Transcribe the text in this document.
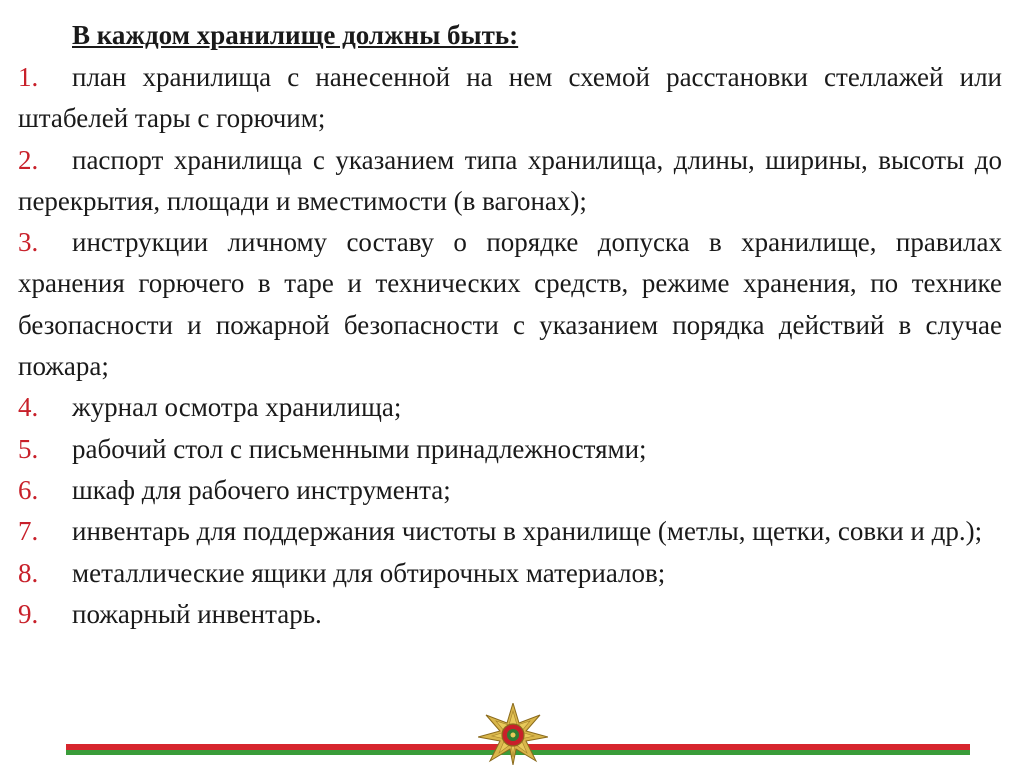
В каждом хранилище должны быть:

1. план хранилища с нанесенной на нем схемой расстановки стеллажей или штабелей тары с горючим;

2. паспорт хранилища с указанием типа хранилища, длины, ширины, высоты до перекрытия, площади и вместимости (в вагонах);

3. инструкции личному составу о порядке допуска в хранилище, правилах хранения горючего в таре и технических средств, режиме хранения, по технике безопасности и пожарной безопасности с указанием порядка действий в случае пожара;

4. журнал осмотра хранилища;

5. рабочий стол с письменными принадлежностями;

6. шкаф для рабочего инструмента;

7. инвентарь для поддержания чистоты в хранилище (метлы, щетки, совки и др.);

8. металлические ящики для обтирочных материалов;

9. пожарный инвентарь.
